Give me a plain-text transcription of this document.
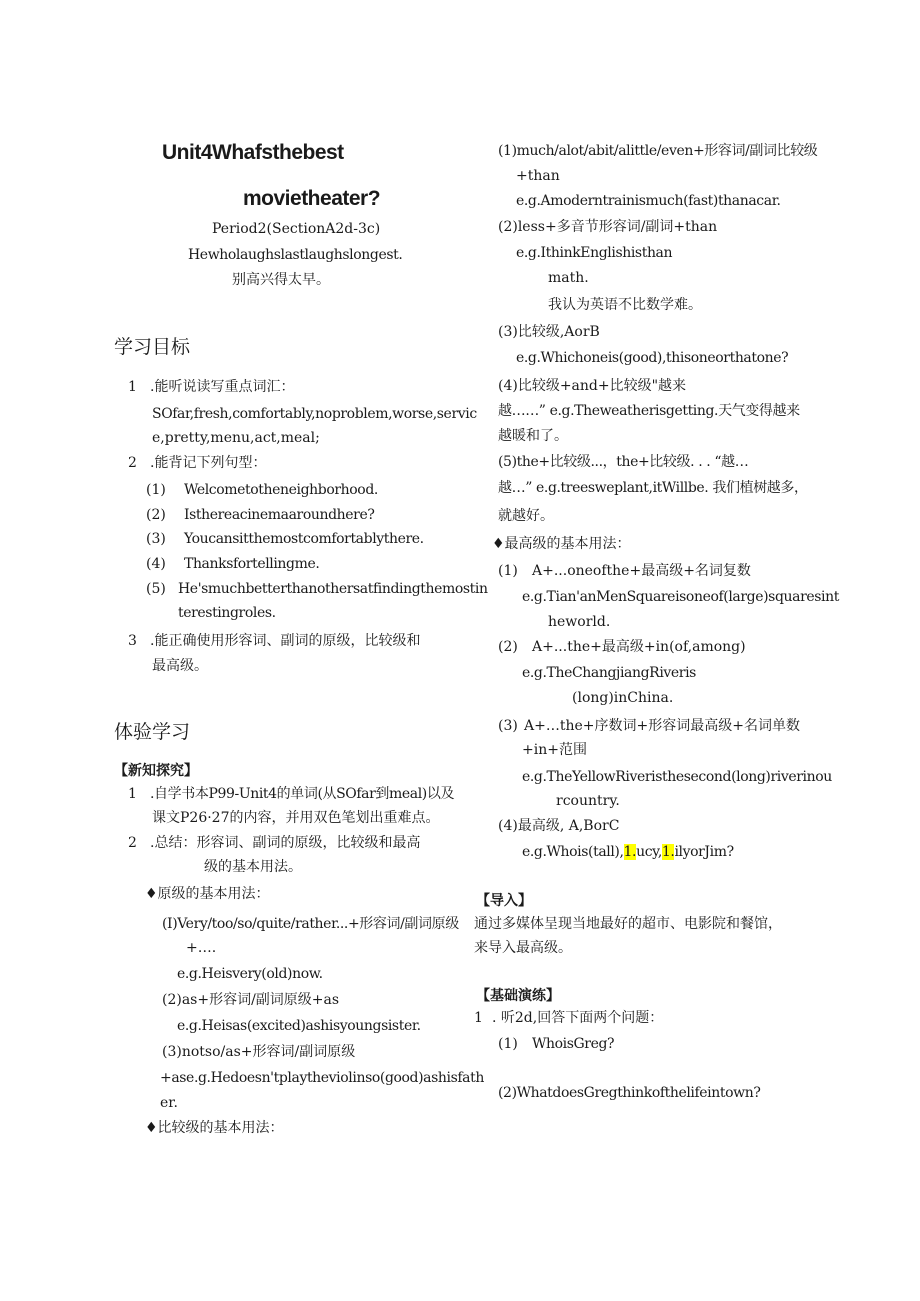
Unit4Whafsthebest
movietheater?
Period2(SectionA2d-3c)
Hewholaughslastlaughslongest.
别高兴得太早。
学习目标
1 .能听说读写重点词汇：
SOfar,fresh,comfortably,noproblem,worse,servic
e,pretty,menu,act,meal;
2 .能背记下列句型：
(1) Welcometotheneighborhood.
(2) Isthereacinemaaroundhere?
(3) Youcansitthemostcomfortablythere.
(4) Thanksfortellingme.
(5) He'smuchbetterthanothersatfindingthemostin
terestingroles.
3 .能正确使用形容词、副词的原级，比较级和
最高级。
体验学习
【新知探究】
1 .自学书本P99-Unit4的单词(从SOfar到meal)以及
课文P26·27的内容，并用双色笔划出重难点。
2 .总结：形容词、副词的原级，比较级和最高
级的基本用法。
♦原级的基本用法：
(I)Very/too/so/quite/rather...+形容词/副词原级
+….
e.g.Heisvery(old)now.
(2)as+形容词/副词原级+as
e.g.Heisas(excited)ashisyoungsister.
(3)notso/as+形容词/副词原级
+ase.g.Hedoesn'tplaytheviolinso(good)ashisfath
er.
♦比较级的基本用法：
(1)much/alot/abit/alittle/even+形容词/副词比较级
+than
e.g.Amoderntrainismuch(fast)thanacar.
(2)less+多音节形容词/副词+than
e.g.IthinkEnglishisthan
math.
我认为英语不比数学难。
(3)比较级,AorB
e.g.Whichoneis(good),thisoneorthatone?
(4)比较级+and+比较级"越来
越……” e.g.Theweatherisgetting.天气变得越来
越暖和了。
(5)the+比较级...，the+比较级. . . “越…
越…” e.g.treesweplant,itWillbe. 我们植树越多，
就越好。
♦最高级的基本用法：
(1) A+...oneofthe+最高级+名词复数
e.g.Tian'anMenSquareisoneof(large)squaresint
heworld.
(2) A+...the+最高级+in(of,among)
e.g.TheChangjiangRiveris
(long)inChina.
(3) A+…the+序数词+形容词最高级+名词单数
+in+范围
e.g.TheYellowRiveristhesecond(long)riverinou
rcountry.
(4)最高级, A,BorC
e.g.Whois(tall),1.ucy,1.ilyorJim?
【导入】
通过多媒体呈现当地最好的超市、电影院和餐馆，
来导入最高级。
【基础演练】
1 . 听2d,回答下面两个问题：
(1) WhoisGreg?
(2)WhatdoesGregthinkofthelifeintown?
